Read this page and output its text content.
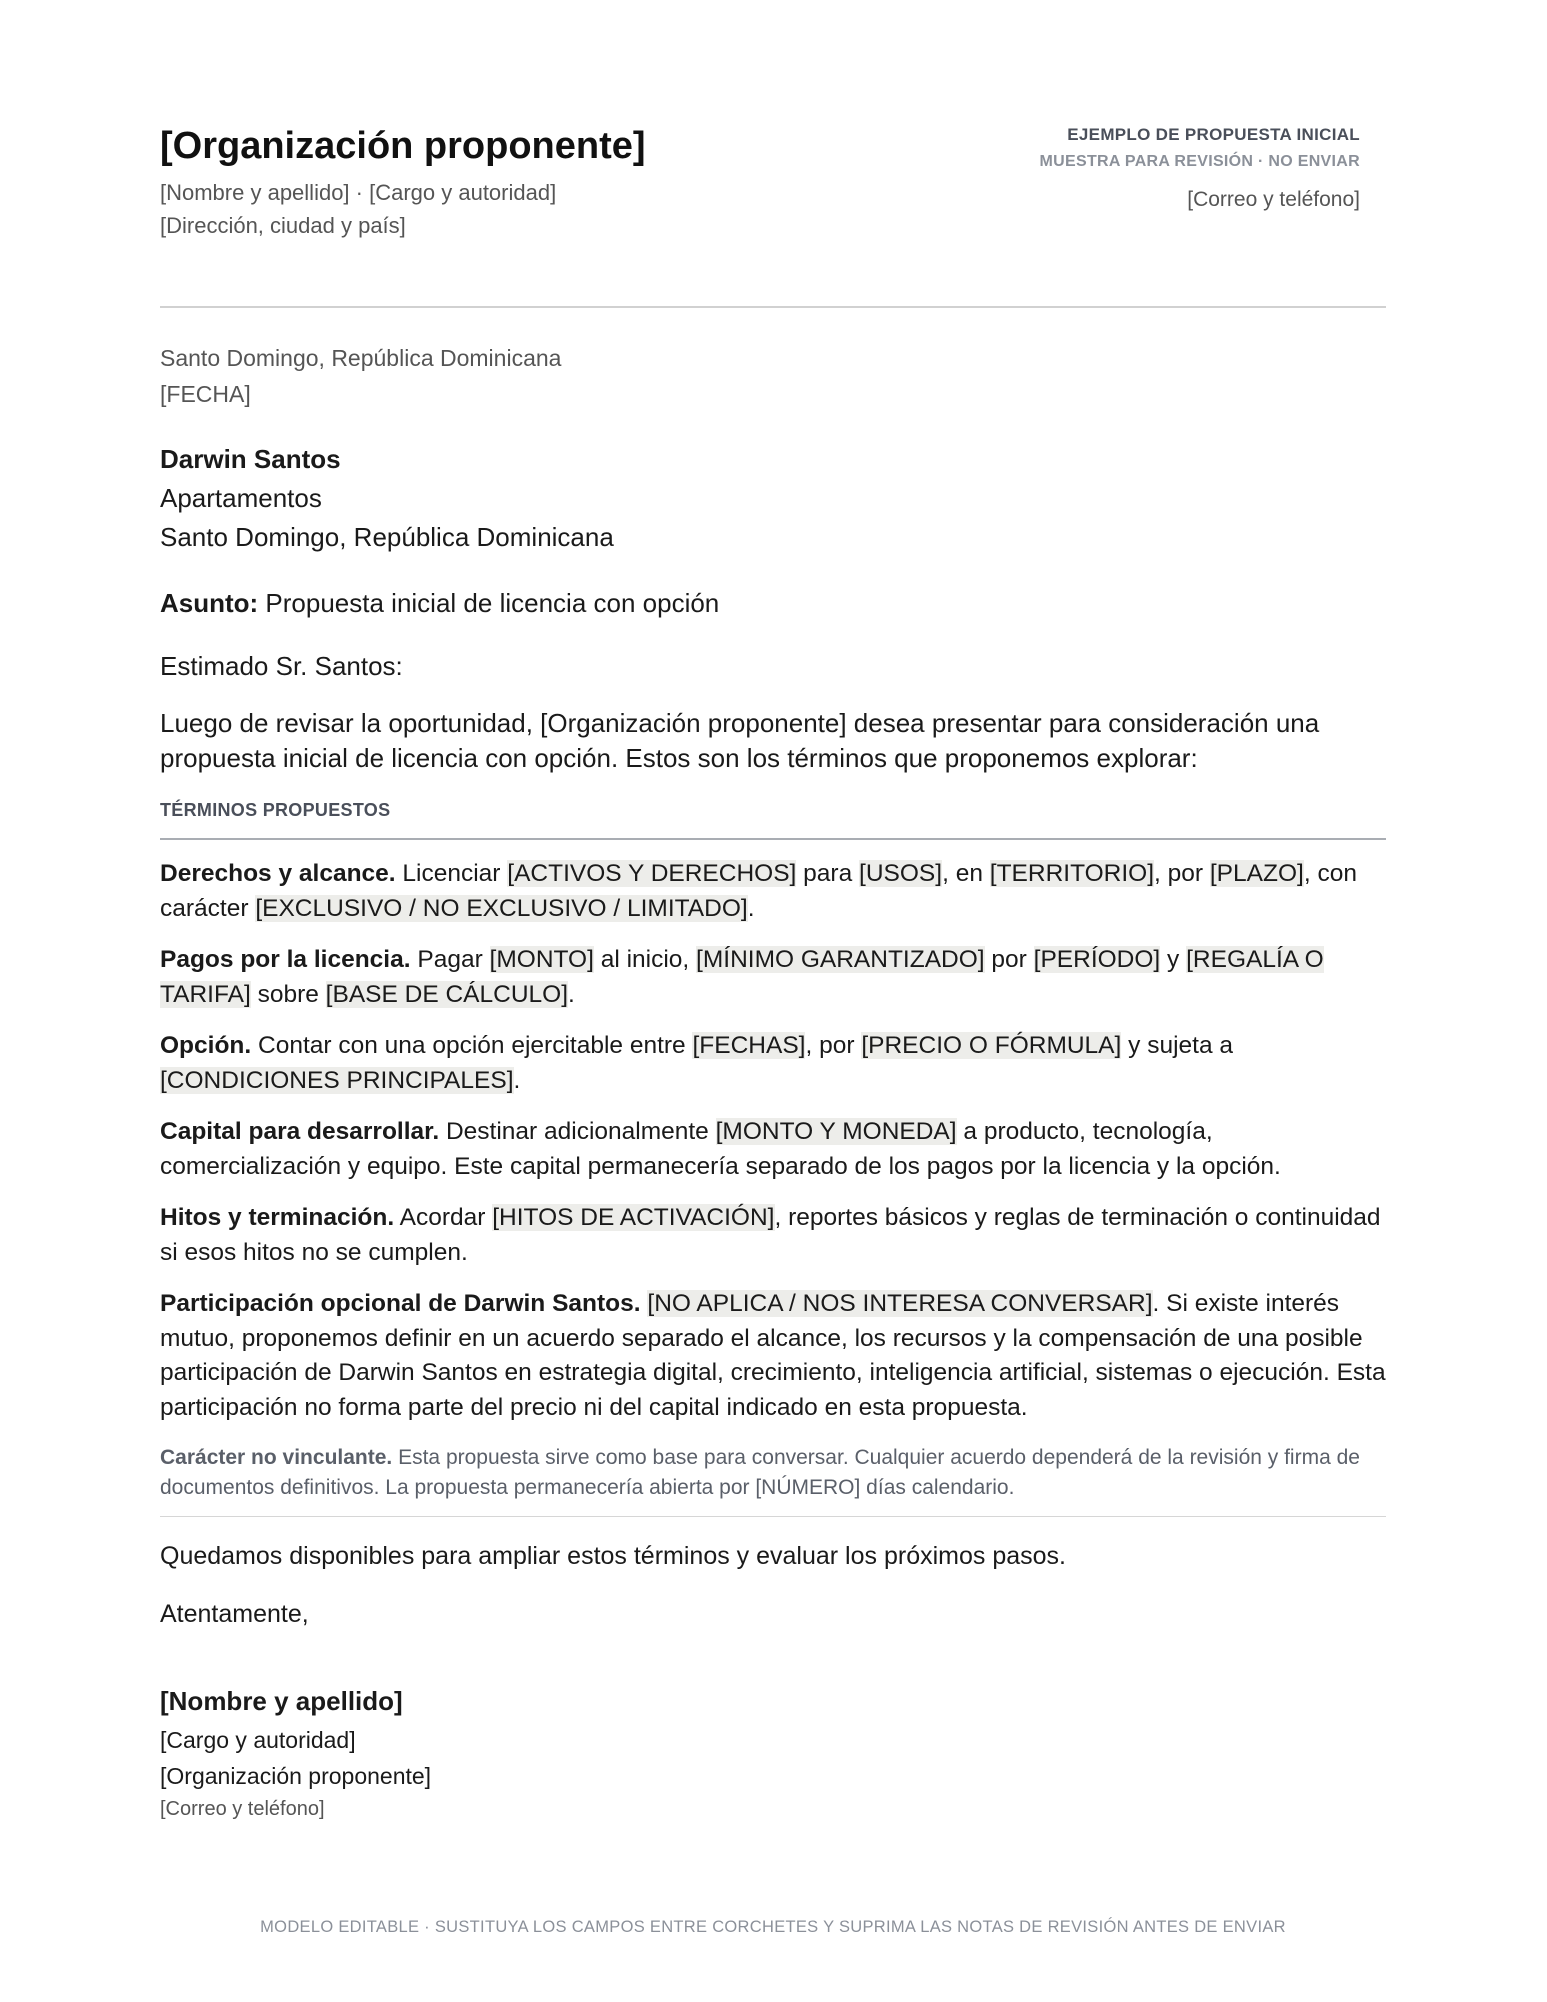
[Organización proponente]
[Nombre y apellido] · [Cargo y autoridad]
[Dirección, ciudad y país]
EJEMPLO DE PROPUESTA INICIAL
MUESTRA PARA REVISIÓN · NO ENVIAR
[Correo y teléfono]
Santo Domingo, República Dominicana
[FECHA]
Darwin Santos
Apartamentos
Santo Domingo, República Dominicana
Asunto: Propuesta inicial de licencia con opción
Estimado Sr. Santos:
Luego de revisar la oportunidad, [Organización proponente] desea presentar para consideración una propuesta inicial de licencia con opción. Estos son los términos que proponemos explorar:
TÉRMINOS PROPUESTOS

Derechos y alcance. Licenciar [ACTIVOS Y DERECHOS] para [USOS], en [TERRITORIO], por [PLAZO], con carácter [EXCLUSIVO / NO EXCLUSIVO / LIMITADO].

Pagos por la licencia. Pagar [MONTO] al inicio, [MÍNIMO GARANTIZADO] por [PERÍODO] y [REGALÍA O TARIFA] sobre [BASE DE CÁLCULO].

Opción. Contar con una opción ejercitable entre [FECHAS], por [PRECIO O FÓRMULA] y sujeta a [CONDICIONES PRINCIPALES].

Capital para desarrollar. Destinar adicionalmente [MONTO Y MONEDA] a producto, tecnología, comercialización y equipo. Este capital permanecería separado de los pagos por la licencia y la opción.

Hitos y terminación. Acordar [HITOS DE ACTIVACIÓN], reportes básicos y reglas de terminación o continuidad si esos hitos no se cumplen.

Participación opcional de Darwin Santos. [NO APLICA / NOS INTERESA CONVERSAR]. Si existe interés mutuo, proponemos definir en un acuerdo separado el alcance, los recursos y la compensación de una posible participación de Darwin Santos en estrategia digital, crecimiento, inteligencia artificial, sistemas o ejecución. Esta participación no forma parte del precio ni del capital indicado en esta propuesta.

Carácter no vinculante. Esta propuesta sirve como base para conversar. Cualquier acuerdo dependerá de la revisión y firma de documentos definitivos. La propuesta permanecería abierta por [NÚMERO] días calendario.
Quedamos disponibles para ampliar estos términos y evaluar los próximos pasos.
Atentamente,
[Nombre y apellido]
[Cargo y autoridad]
[Organización proponente]
[Correo y teléfono]
MODELO EDITABLE · SUSTITUYA LOS CAMPOS ENTRE CORCHETES Y SUPRIMA LAS NOTAS DE REVISIÓN ANTES DE ENVIAR
